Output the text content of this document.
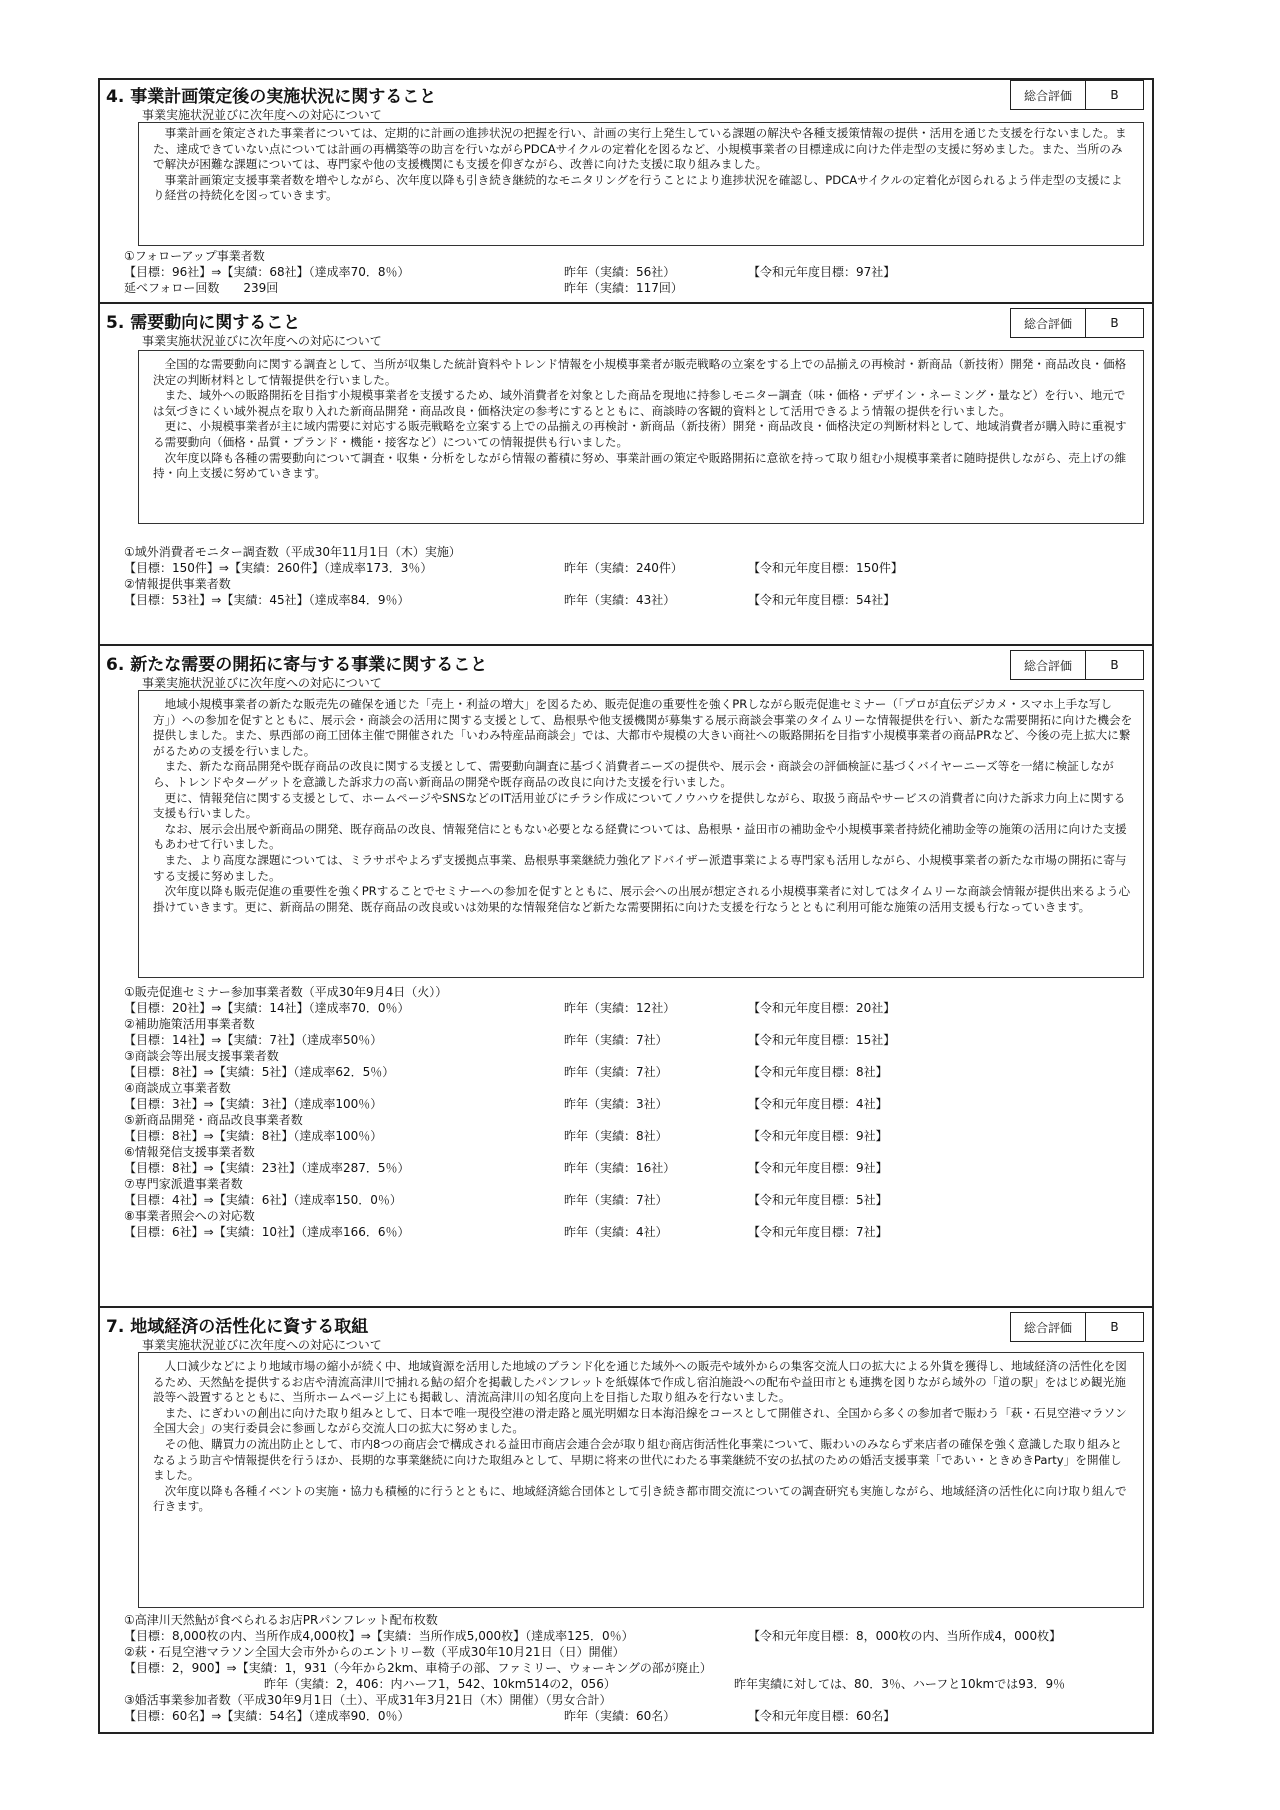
4. 事業計画策定後の実施状況に関すること
事業実施状況並びに次年度への対応について
総合評価	B

事業計画を策定された事業者については、定期的に計画の進捗状況の把握を行い、計画の実行上発生している課題の解決や各種支援策情報の提供・活用を通じた支援を行ないました。また、達成できていない点については計画の再構築等の助言を行いながらPDCAサイクルの定着化を図るなど、小規模事業者の目標達成に向けた伴走型の支援に努めました。また、当所のみで解決が困難な課題については、専門家や他の支援機関にも支援を仰ぎながら、改善に向けた支援に取り組みました。

事業計画策定支援事業者数を増やしながら、次年度以降も引き続き継続的なモニタリングを行うことにより進捗状況を確認し、PDCAサイクルの定着化が図られるよう伴走型の支援により経営の持続化を図っていきます。

①フォローアップ事業者数
【目標：96社】⇒【実績：68社】（達成率70．8％）	昨年（実績：56社）	【令和元年度目標：97社】
延べフォロー回数　　239回	昨年（実績：117回）
5. 需要動向に関すること
事業実施状況並びに次年度への対応について
総合評価	B

全国的な需要動向に関する調査として、当所が収集した統計資料やトレンド情報を小規模事業者が販売戦略の立案をする上での品揃えの再検討・新商品（新技術）開発・商品改良・価格決定の判断材料として情報提供を行いました。

また、域外への販路開拓を目指す小規模事業者を支援するため、域外消費者を対象とした商品を現地に持参しモニター調査（味・価格・デザイン・ネーミング・量など）を行い、地元では気づきにくい域外視点を取り入れた新商品開発・商品改良・価格決定の参考にするとともに、商談時の客観的資料として活用できるよう情報の提供を行いました。

更に、小規模事業者が主に域内需要に対応する販売戦略を立案する上での品揃えの再検討・新商品（新技術）開発・商品改良・価格決定の判断材料として、地域消費者が購入時に重視する需要動向（価格・品質・ブランド・機能・接客など）についての情報提供も行いました。

次年度以降も各種の需要動向について調査・収集・分析をしながら情報の蓄積に努め、事業計画の策定や販路開拓に意欲を持って取り組む小規模事業者に随時提供しながら、売上げの維持・向上支援に努めていきます。

①域外消費者モニター調査数（平成30年11月1日（木）実施）
【目標：150件】⇒【実績：260件】（達成率173．3％）	昨年（実績：240件）	【令和元年度目標：150件】
②情報提供事業者数
【目標：53社】⇒【実績：45社】（達成率84．9％）	昨年（実績：43社）	【令和元年度目標：54社】
6. 新たな需要の開拓に寄与する事業に関すること
事業実施状況並びに次年度への対応について
総合評価	B

地域小規模事業者の新たな販売先の確保を通じた「売上・利益の増大」を図るため、販売促進の重要性を強くPRしながら販売促進セミナー（「プロが直伝デジカメ・スマホ上手な写し方」）への参加を促すとともに、展示会・商談会の活用に関する支援として、島根県や他支援機関が募集する展示商談会事業のタイムリーな情報提供を行い、新たな需要開拓に向けた機会を提供しました。また、県西部の商工団体主催で開催された「いわみ特産品商談会」では、大都市や規模の大きい商社への販路開拓を目指す小規模事業者の商品PRなど、今後の売上拡大に繋がるための支援を行いました。

また、新たな商品開発や既存商品の改良に関する支援として、需要動向調査に基づく消費者ニーズの提供や、展示会・商談会の評価検証に基づくバイヤーニーズ等を一緒に検証しながら、トレンドやターゲットを意識した訴求力の高い新商品の開発や既存商品の改良に向けた支援を行いました。

更に、情報発信に関する支援として、ホームページやSNSなどのIT活用並びにチラシ作成についてノウハウを提供しながら、取扱う商品やサービスの消費者に向けた訴求力向上に関する支援も行いました。

なお、展示会出展や新商品の開発、既存商品の改良、情報発信にともない必要となる経費については、島根県・益田市の補助金や小規模事業者持続化補助金等の施策の活用に向けた支援もあわせて行いました。

また、より高度な課題については、ミラサポやよろず支援拠点事業、島根県事業継続力強化アドバイザー派遣事業による専門家も活用しながら、小規模事業者の新たな市場の開拓に寄与する支援に努めました。

次年度以降も販売促進の重要性を強くPRすることでセミナーへの参加を促すとともに、展示会への出展が想定される小規模事業者に対してはタイムリーな商談会情報が提供出来るよう心掛けていきます。更に、新商品の開発、既存商品の改良或いは効果的な情報発信など新たな需要開拓に向けた支援を行なうとともに利用可能な施策の活用支援も行なっていきます。

①販売促進セミナー参加事業者数（平成30年9月4日（火））
【目標：20社】⇒【実績：14社】（達成率70．0％）	昨年（実績：12社）	【令和元年度目標：20社】
②補助施策活用事業者数
【目標：14社】⇒【実績：7社】（達成率50％）	昨年（実績：7社）	【令和元年度目標：15社】
③商談会等出展支援事業者数
【目標：8社】⇒【実績：5社】（達成率62．5％）	昨年（実績：7社）	【令和元年度目標：8社】
④商談成立事業者数
【目標：3社】⇒【実績：3社】（達成率100％）	昨年（実績：3社）	【令和元年度目標：4社】
⑤新商品開発・商品改良事業者数
【目標：8社】⇒【実績：8社】（達成率100％）	昨年（実績：8社）	【令和元年度目標：9社】
⑥情報発信支援事業者数
【目標：8社】⇒【実績：23社】（達成率287．5％）	昨年（実績：16社）	【令和元年度目標：9社】
⑦専門家派遣事業者数
【目標：4社】⇒【実績：6社】（達成率150．0％）	昨年（実績：7社）	【令和元年度目標：5社】
⑧事業者照会への対応数
【目標：6社】⇒【実績：10社】（達成率166．6％）	昨年（実績：4社）	【令和元年度目標：7社】
7. 地域経済の活性化に資する取組
事業実施状況並びに次年度への対応について
総合評価	B

人口減少などにより地域市場の縮小が続く中、地域資源を活用した地域のブランド化を通じた域外への販売や域外からの集客交流人口の拡大による外貨を獲得し、地域経済の活性化を図るため、天然鮎を提供するお店や清流高津川で捕れる鮎の紹介を掲載したパンフレットを紙媒体で作成し宿泊施設への配布や益田市とも連携を図りながら域外の「道の駅」をはじめ観光施設等へ設置するとともに、当所ホームページ上にも掲載し、清流高津川の知名度向上を目指した取り組みを行ないました。

また、にぎわいの創出に向けた取り組みとして、日本で唯一現役空港の滑走路と風光明媚な日本海沿線をコースとして開催され、全国から多くの参加者で賑わう「萩・石見空港マラソン全国大会」の実行委員会に参画しながら交流人口の拡大に努めました。

その他、購買力の流出防止として、市内8つの商店会で構成される益田市商店会連合会が取り組む商店街活性化事業について、賑わいのみならず来店者の確保を強く意識した取り組みとなるよう助言や情報提供を行うほか、長期的な事業継続に向けた取組みとして、早期に将来の世代にわたる事業継続不安の払拭のための婚活支援事業「であい・ときめきParty」を開催しました。

次年度以降も各種イベントの実施・協力も積極的に行うとともに、地域経済総合団体として引き続き都市間交流についての調査研究も実施しながら、地域経済の活性化に向け取り組んで行きます。

①高津川天然鮎が食べられるお店PRパンフレット配布枚数
【目標：8,000枚の内、当所作成4,000枚】⇒【実績：当所作成5,000枚】（達成率125．0％）	【令和元年度目標：8，000枚の内、当所作成4，000枚】
②萩・石見空港マラソン全国大会市外からのエントリー数（平成30年10月21日（日）開催）
【目標：2，900】⇒【実績：1，931（今年から2km、車椅子の部、ファミリー、ウォーキングの部が廃止）
昨年（実績：2，406：内ハーフ1，542、10km514の2，056）	昨年実績に対しては、80．3％、ハーフと10kmでは93．9％
③婚活事業参加者数（平成30年9月1日（土）、平成31年3月21日（木）開催）（男女合計）
【目標：60名】⇒【実績：54名】（達成率90．0％）	昨年（実績：60名）	【令和元年度目標：60名】
